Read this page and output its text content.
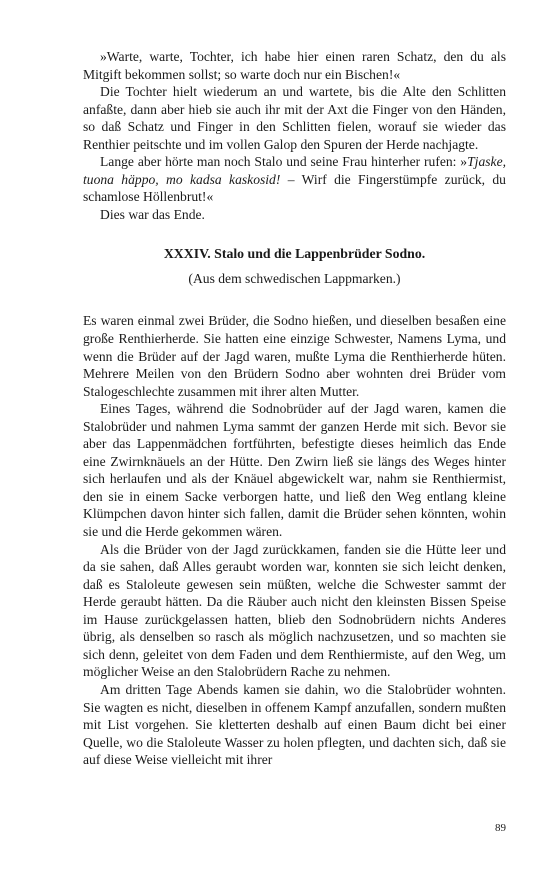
»Warte, warte, Tochter, ich habe hier einen raren Schatz, den du als Mitgift bekommen sollst; so warte doch nur ein Bischen!«

Die Tochter hielt wiederum an und wartete, bis die Alte den Schlitten anfaßte, dann aber hieb sie auch ihr mit der Axt die Finger von den Händen, so daß Schatz und Finger in den Schlitten fielen, worauf sie wieder das Renthier peitschte und im vollen Galop den Spuren der Herde nachjagte.

Lange aber hörte man noch Stalo und seine Frau hinterher rufen: »Tjaske, tuona häppo, mo kadsa kaskosid! – Wirf die Fingerstümpfe zurück, du schamlose Höllenbrut!«

Dies war das Ende.

XXXIV. Stalo und die Lappenbrüder Sodno.
(Aus dem schwedischen Lappmarken.)

Es waren einmal zwei Brüder, die Sodno hießen, und dieselben besaßen eine große Renthierherde. Sie hatten eine einzige Schwester, Namens Lyma, und wenn die Brüder auf der Jagd waren, mußte Lyma die Renthierherde hüten. Mehrere Meilen von den Brüdern Sodno aber wohnten drei Brüder vom Stalogeschlechte zusammen mit ihrer alten Mutter.

Eines Tages, während die Sodnobrüder auf der Jagd waren, kamen die Stalobrüder und nahmen Lyma sammt der ganzen Herde mit sich. Bevor sie aber das Lappenmädchen fortführten, befestigte dieses heimlich das Ende eine Zwirnknäuels an der Hütte. Den Zwirn ließ sie längs des Weges hinter sich herlaufen und als der Knäuel abgewickelt war, nahm sie Renthiermist, den sie in einem Sacke verborgen hatte, und ließ den Weg entlang kleine Klümpchen davon hinter sich fallen, damit die Brüder sehen könnten, wohin sie und die Herde gekommen wären.

Als die Brüder von der Jagd zurückkamen, fanden sie die Hütte leer und da sie sahen, daß Alles geraubt worden war, konnten sie sich leicht denken, daß es Staloleute gewesen sein müßten, welche die Schwester sammt der Herde geraubt hätten. Da die Räuber auch nicht den kleinsten Bissen Speise im Hause zurückgelassen hatten, blieb den Sodnobrüdern nichts Anderes übrig, als denselben so rasch als möglich nachzusetzen, und so machten sie sich denn, geleitet von dem Faden und dem Renthiermiste, auf den Weg, um möglicher Weise an den Stalobrüdern Rache zu nehmen.

Am dritten Tage Abends kamen sie dahin, wo die Stalobrüder wohnten. Sie wagten es nicht, dieselben in offenem Kampf anzufallen, sondern mußten mit List vorgehen. Sie kletterten deshalb auf einen Baum dicht bei einer Quelle, wo die Staloleute Wasser zu holen pflegten, und dachten sich, daß sie auf diese Weise vielleicht mit ihrer

89
